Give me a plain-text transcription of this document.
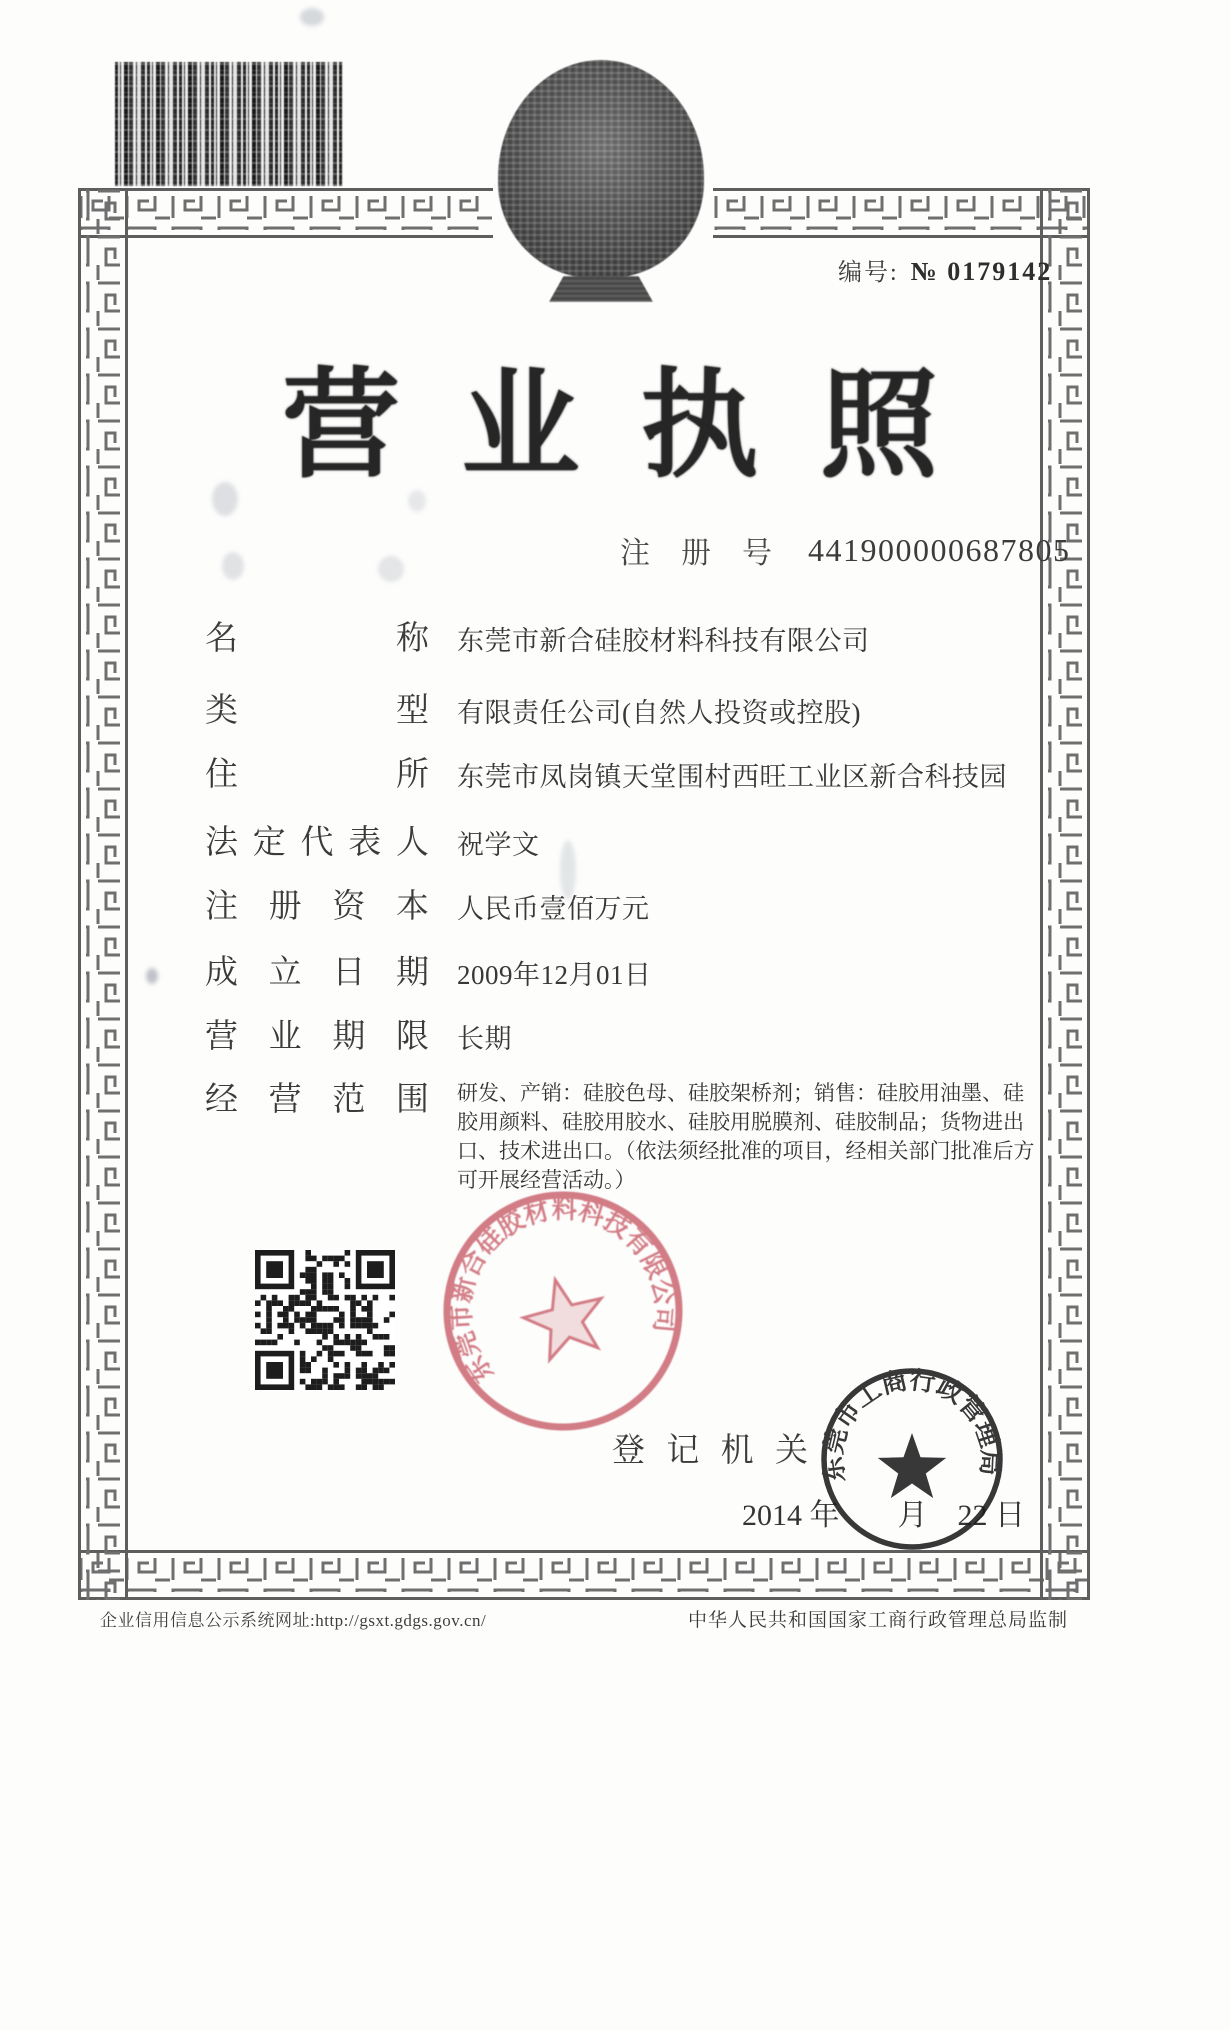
编号: № 0179142
营 业 执 照
注 册 号 441900000687805
名	称 东莞市新合硅胶材料科技有限公司
类	型 有限责任公司(自然人投资或控股)
住	所 东莞市凤岗镇天堂围村西旺工业区新合科技园
法 定 代 表 人 祝学文
注 册 资 本 人民币壹佰万元
成 立 日 期 2009年12月01日
营 业 期 限 长期
经 营 范 围 研发、产销：硅胶色母、硅胶架桥剂；销售：硅胶用油墨、硅胶用颜料、硅胶用胶水、硅胶用脱膜剂、硅胶制品；货物进出口、技术进出口。（依法须经批准的项目，经相关部门批准后方可开展经营活动。）
东莞市新合硅胶材料科技有限公司
登 记 机 关
2014 年 月 22 日
东莞市工商行政管理局
企业信用信息公示系统网址:http://gsxt.gdgs.gov.cn/	中华人民共和国国家工商行政管理总局监制
